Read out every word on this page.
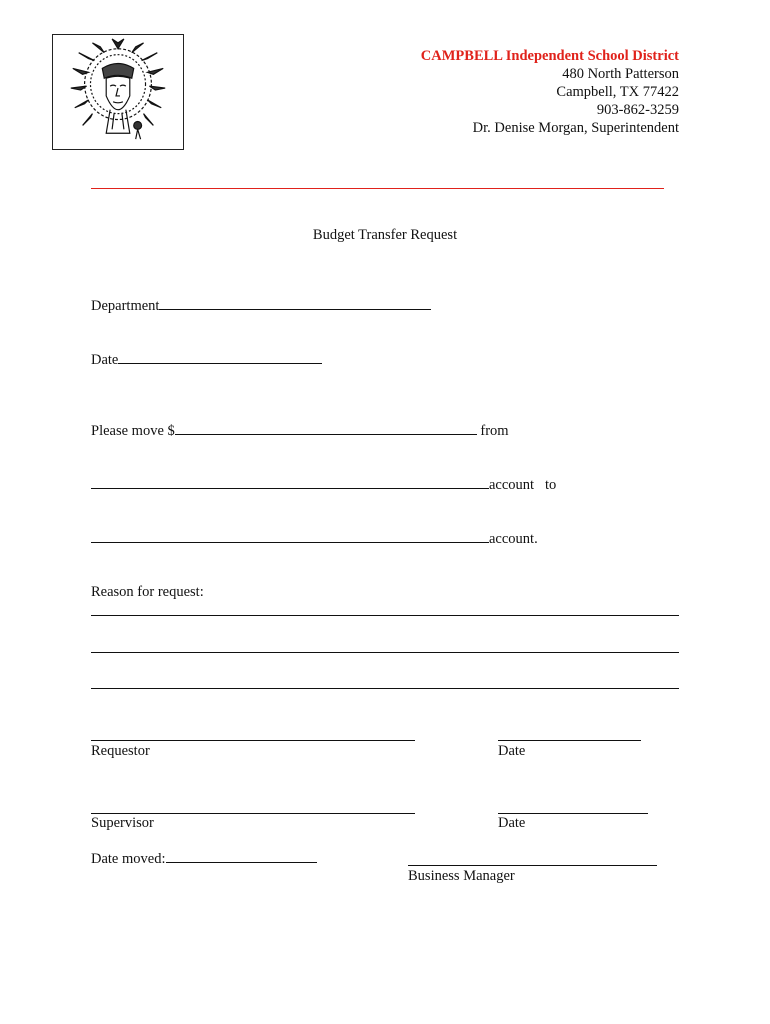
CAMPBELL Independent School District
480 North Patterson
Campbell, TX 77422
903-862-3259
Dr. Denise Morgan, Superintendent
Budget Transfer Request
Department
Date
Please move $	from
account   to
account.
Reason for request:
Requestor	Date
Supervisor	Date
Date moved:
Business Manager
